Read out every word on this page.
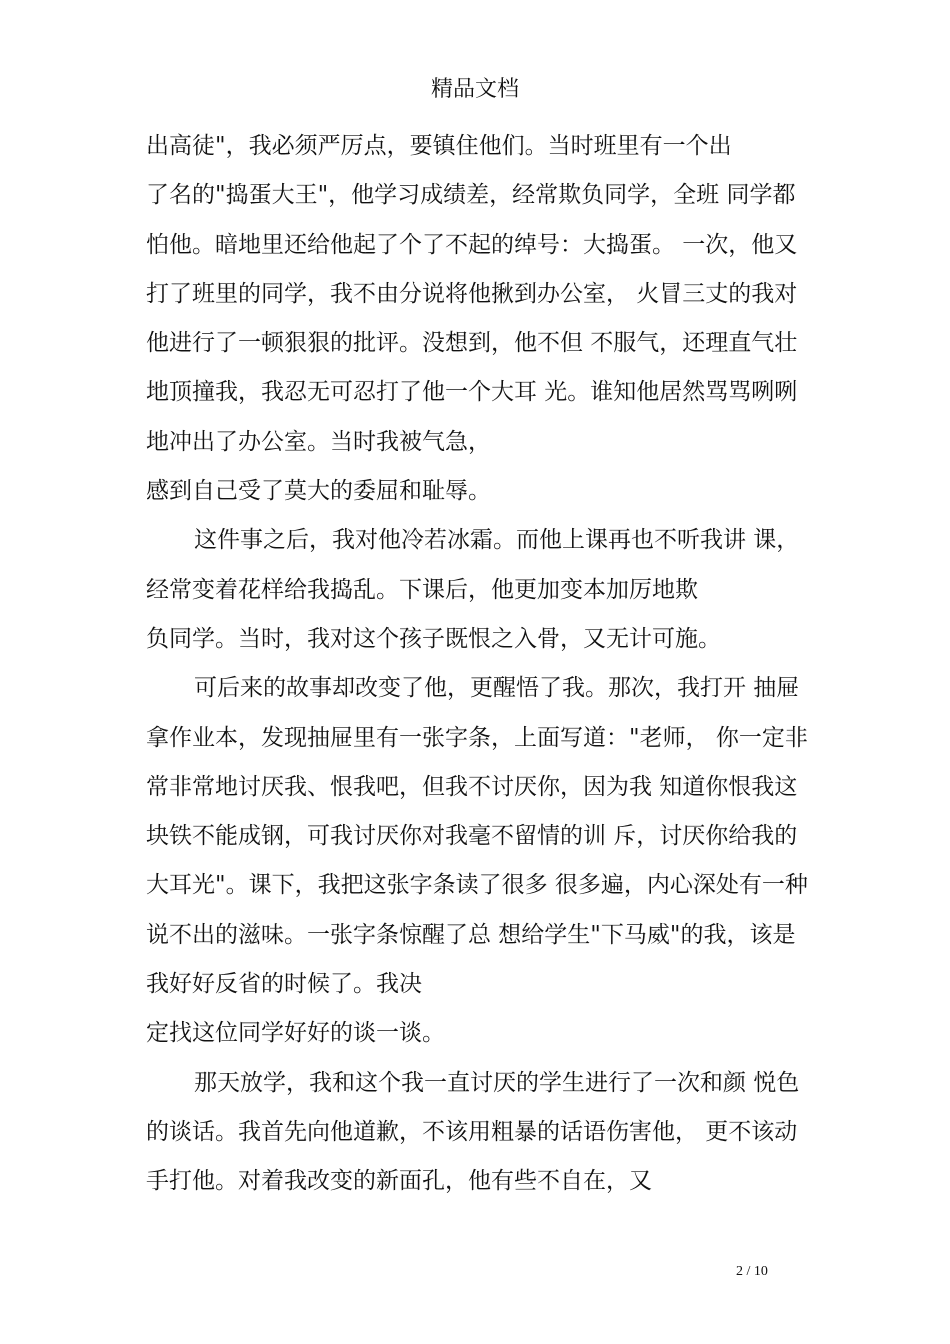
精品文档
出高徒"，我必须严厉点，要镇住他们。当时班里有一个出
了名的"捣蛋大王"，他学习成绩差，经常欺负同学，全班 同学都
怕他。暗地里还给他起了个了不起的绰号：大捣蛋。 一次，他又
打了班里的同学，我不由分说将他揪到办公室， 火冒三丈的我对
他进行了一顿狠狠的批评。没想到，他不但 不服气，还理直气壮
地顶撞我，我忍无可忍打了他一个大耳 光。谁知他居然骂骂咧咧
地冲出了办公室。当时我被气急，
感到自己受了莫大的委屈和耻辱。
这件事之后，我对他冷若冰霜。而他上课再也不听我讲 课，
经常变着花样给我捣乱。下课后，他更加变本加厉地欺
负同学。当时，我对这个孩子既恨之入骨，又无计可施。
可后来的故事却改变了他，更醒悟了我。那次，我打开 抽屉
拿作业本，发现抽屉里有一张字条，上面写道："老师， 你一定非
常非常地讨厌我、恨我吧，但我不讨厌你，因为我 知道你恨我这
块铁不能成钢，可我讨厌你对我毫不留情的训 斥，讨厌你给我的
大耳光"。课下，我把这张字条读了很多 很多遍，内心深处有一种
说不出的滋味。一张字条惊醒了总 想给学生"下马威"的我，该是
我好好反省的时候了。我决
定找这位同学好好的谈一谈。
那天放学，我和这个我一直讨厌的学生进行了一次和颜 悦色
的谈话。我首先向他道歉，不该用粗暴的话语伤害他， 更不该动
手打他。对着我改变的新面孔，他有些不自在，又
2 / 10
